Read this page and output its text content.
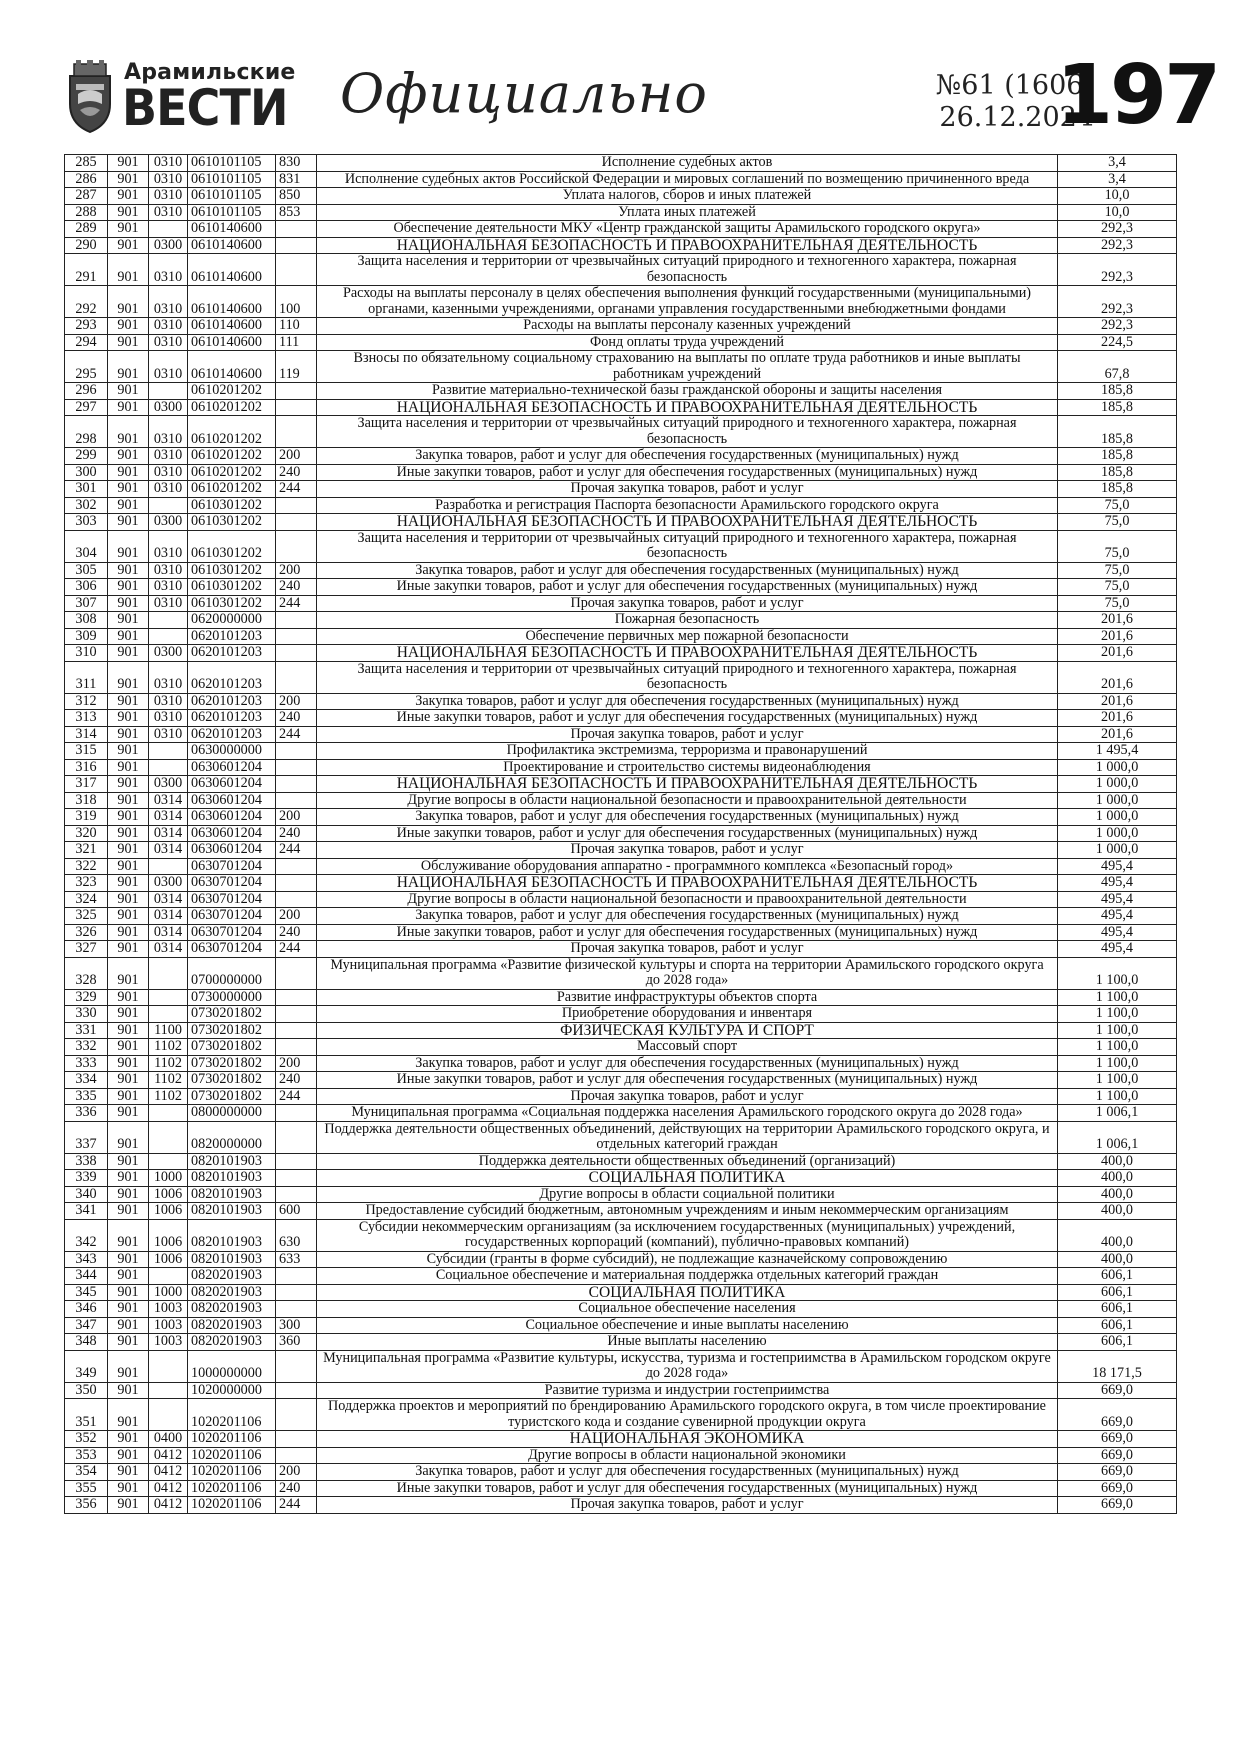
Арамильские
ВЕСТИ Официально	№61 (1606)
26.12.2024
197
285	901	0310	0610101105	830	Исполнение судебных актов	3,4
286	901	0310	0610101105	831	Исполнение судебных актов Российской Федерации и мировых соглашений по возмещению причиненного вреда	3,4
287	901	0310	0610101105	850	Уплата налогов, сборов и иных платежей	10,0
288	901	0310	0610101105	853	Уплата иных платежей	10,0
289	901		0610140600		Обеспечение деятельности МКУ «Центр гражданской защиты Арамильского городского округа»	292,3
290	901	0300	0610140600		НАЦИОНАЛЬНАЯ БЕЗОПАСНОСТЬ И ПРАВООХРАНИТЕЛЬНАЯ ДЕЯТЕЛЬНОСТЬ	292,3
291	901	0310	0610140600		Защита населения и территории от чрезвычайных ситуаций природного и техногенного характера, пожарная безопасность	292,3
292	901	0310	0610140600	100	Расходы на выплаты персоналу в целях обеспечения выполнения функций государственными (муниципальными) органами, казенными учреждениями, органами управления государственными внебюджетными фондами	292,3
293	901	0310	0610140600	110	Расходы на выплаты персоналу казенных учреждений	292,3
294	901	0310	0610140600	111	Фонд оплаты труда учреждений	224,5
295	901	0310	0610140600	119	Взносы по обязательному социальному страхованию на выплаты по оплате труда работников и иные выплаты работникам учреждений	67,8
296	901		0610201202		Развитие материально-технической базы гражданской обороны и защиты населения	185,8
297	901	0300	0610201202		НАЦИОНАЛЬНАЯ БЕЗОПАСНОСТЬ И ПРАВООХРАНИТЕЛЬНАЯ ДЕЯТЕЛЬНОСТЬ	185,8
298	901	0310	0610201202		Защита населения и территории от чрезвычайных ситуаций природного и техногенного характера, пожарная безопасность	185,8
299	901	0310	0610201202	200	Закупка товаров, работ и услуг для обеспечения государственных (муниципальных) нужд	185,8
300	901	0310	0610201202	240	Иные закупки товаров, работ и услуг для обеспечения государственных (муниципальных) нужд	185,8
301	901	0310	0610201202	244	Прочая закупка товаров, работ и услуг	185,8
302	901		0610301202		Разработка и регистрация Паспорта безопасности Арамильского городского округа	75,0
303	901	0300	0610301202		НАЦИОНАЛЬНАЯ БЕЗОПАСНОСТЬ И ПРАВООХРАНИТЕЛЬНАЯ ДЕЯТЕЛЬНОСТЬ	75,0
304	901	0310	0610301202		Защита населения и территории от чрезвычайных ситуаций природного и техногенного характера, пожарная безопасность	75,0
305	901	0310	0610301202	200	Закупка товаров, работ и услуг для обеспечения государственных (муниципальных) нужд	75,0
306	901	0310	0610301202	240	Иные закупки товаров, работ и услуг для обеспечения государственных (муниципальных) нужд	75,0
307	901	0310	0610301202	244	Прочая закупка товаров, работ и услуг	75,0
308	901		0620000000		Пожарная безопасность	201,6
309	901		0620101203		Обеспечение первичных мер пожарной безопасности	201,6
310	901	0300	0620101203		НАЦИОНАЛЬНАЯ БЕЗОПАСНОСТЬ И ПРАВООХРАНИТЕЛЬНАЯ ДЕЯТЕЛЬНОСТЬ	201,6
311	901	0310	0620101203		Защита населения и территории от чрезвычайных ситуаций природного и техногенного характера, пожарная безопасность	201,6
312	901	0310	0620101203	200	Закупка товаров, работ и услуг для обеспечения государственных (муниципальных) нужд	201,6
313	901	0310	0620101203	240	Иные закупки товаров, работ и услуг для обеспечения государственных (муниципальных) нужд	201,6
314	901	0310	0620101203	244	Прочая закупка товаров, работ и услуг	201,6
315	901		0630000000		Профилактика экстремизма, терроризма и правонарушений	1 495,4
316	901		0630601204		Проектирование и строительство системы видеонаблюдения	1 000,0
317	901	0300	0630601204		НАЦИОНАЛЬНАЯ БЕЗОПАСНОСТЬ И ПРАВООХРАНИТЕЛЬНАЯ ДЕЯТЕЛЬНОСТЬ	1 000,0
318	901	0314	0630601204		Другие вопросы в области национальной безопасности и правоохранительной деятельности	1 000,0
319	901	0314	0630601204	200	Закупка товаров, работ и услуг для обеспечения государственных (муниципальных) нужд	1 000,0
320	901	0314	0630601204	240	Иные закупки товаров, работ и услуг для обеспечения государственных (муниципальных) нужд	1 000,0
321	901	0314	0630601204	244	Прочая закупка товаров, работ и услуг	1 000,0
322	901		0630701204		Обслуживание оборудования аппаратно - программного комплекса «Безопасный город»	495,4
323	901	0300	0630701204		НАЦИОНАЛЬНАЯ БЕЗОПАСНОСТЬ И ПРАВООХРАНИТЕЛЬНАЯ ДЕЯТЕЛЬНОСТЬ	495,4
324	901	0314	0630701204		Другие вопросы в области национальной безопасности и правоохранительной деятельности	495,4
325	901	0314	0630701204	200	Закупка товаров, работ и услуг для обеспечения государственных (муниципальных) нужд	495,4
326	901	0314	0630701204	240	Иные закупки товаров, работ и услуг для обеспечения государственных (муниципальных) нужд	495,4
327	901	0314	0630701204	244	Прочая закупка товаров, работ и услуг	495,4
328	901		0700000000		Муниципальная программа «Развитие физической культуры и спорта на территории Арамильского городского округа до 2028 года»	1 100,0
329	901		0730000000		Развитие инфраструктуры объектов спорта	1 100,0
330	901		0730201802		Приобретение оборудования и инвентаря	1 100,0
331	901	1100	0730201802		ФИЗИЧЕСКАЯ КУЛЬТУРА И СПОРТ	1 100,0
332	901	1102	0730201802		Массовый спорт	1 100,0
333	901	1102	0730201802	200	Закупка товаров, работ и услуг для обеспечения государственных (муниципальных) нужд	1 100,0
334	901	1102	0730201802	240	Иные закупки товаров, работ и услуг для обеспечения государственных (муниципальных) нужд	1 100,0
335	901	1102	0730201802	244	Прочая закупка товаров, работ и услуг	1 100,0
336	901		0800000000		Муниципальная программа «Социальная поддержка населения Арамильского городского округа до 2028 года»	1 006,1
337	901		0820000000		Поддержка деятельности общественных объединений, действующих на территории Арамильского городского округа, и отдельных категорий граждан	1 006,1
338	901		0820101903		Поддержка деятельности общественных объединений (организаций)	400,0
339	901	1000	0820101903		СОЦИАЛЬНАЯ ПОЛИТИКА	400,0
340	901	1006	0820101903		Другие вопросы в области социальной политики	400,0
341	901	1006	0820101903	600	Предоставление субсидий бюджетным, автономным учреждениям и иным некоммерческим организациям	400,0
342	901	1006	0820101903	630	Субсидии некоммерческим организациям (за исключением государственных (муниципальных) учреждений, государственных корпораций (компаний), публично-правовых компаний)	400,0
343	901	1006	0820101903	633	Субсидии (гранты в форме субсидий), не подлежащие казначейскому сопровождению	400,0
344	901		0820201903		Социальное обеспечение и материальная поддержка отдельных категорий граждан	606,1
345	901	1000	0820201903		СОЦИАЛЬНАЯ ПОЛИТИКА	606,1
346	901	1003	0820201903		Социальное обеспечение населения	606,1
347	901	1003	0820201903	300	Социальное обеспечение и иные выплаты населению	606,1
348	901	1003	0820201903	360	Иные выплаты населению	606,1
349	901		1000000000		Муниципальная программа «Развитие культуры, искусства, туризма и гостеприимства в Арамильском городском округе до 2028 года»	18 171,5
350	901		1020000000		Развитие туризма и индустрии гостеприимства	669,0
351	901		1020201106		Поддержка проектов и мероприятий по брендированию Арамильского городского округа, в том числе проектирование туристского кода и создание сувенирной продукции округа	669,0
352	901	0400	1020201106		НАЦИОНАЛЬНАЯ ЭКОНОМИКА	669,0
353	901	0412	1020201106		Другие вопросы в области национальной экономики	669,0
354	901	0412	1020201106	200	Закупка товаров, работ и услуг для обеспечения государственных (муниципальных) нужд	669,0
355	901	0412	1020201106	240	Иные закупки товаров, работ и услуг для обеспечения государственных (муниципальных) нужд	669,0
356	901	0412	1020201106	244	Прочая закупка товаров, работ и услуг	669,0
